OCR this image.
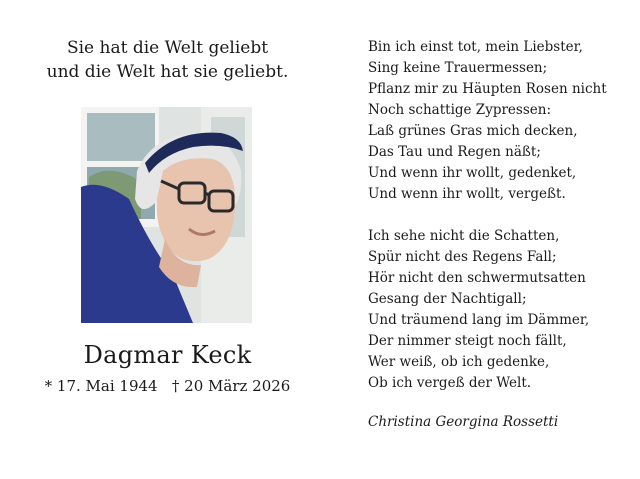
Sie hat die Welt geliebt
und die Welt hat sie geliebt.
Dagmar Keck
* 17. Mai 1944 † 20 März 2026
Bin ich einst tot, mein Liebster,
Sing keine Trauermessen;
Pflanz mir zu Häupten Rosen nicht
Noch schattige Zypressen:
Laß grünes Gras mich decken,
Das Tau und Regen näßt;
Und wenn ihr wollt, gedenket,
Und wenn ihr wollt, vergeßt.
Ich sehe nicht die Schatten,
Spür nicht des Regens Fall;
Hör nicht den schwermutsatten
Gesang der Nachtigall;
Und träumend lang im Dämmer,
Der nimmer steigt noch fällt,
Wer weiß, ob ich gedenke,
Ob ich vergeß der Welt.
Christina Georgina Rossetti
